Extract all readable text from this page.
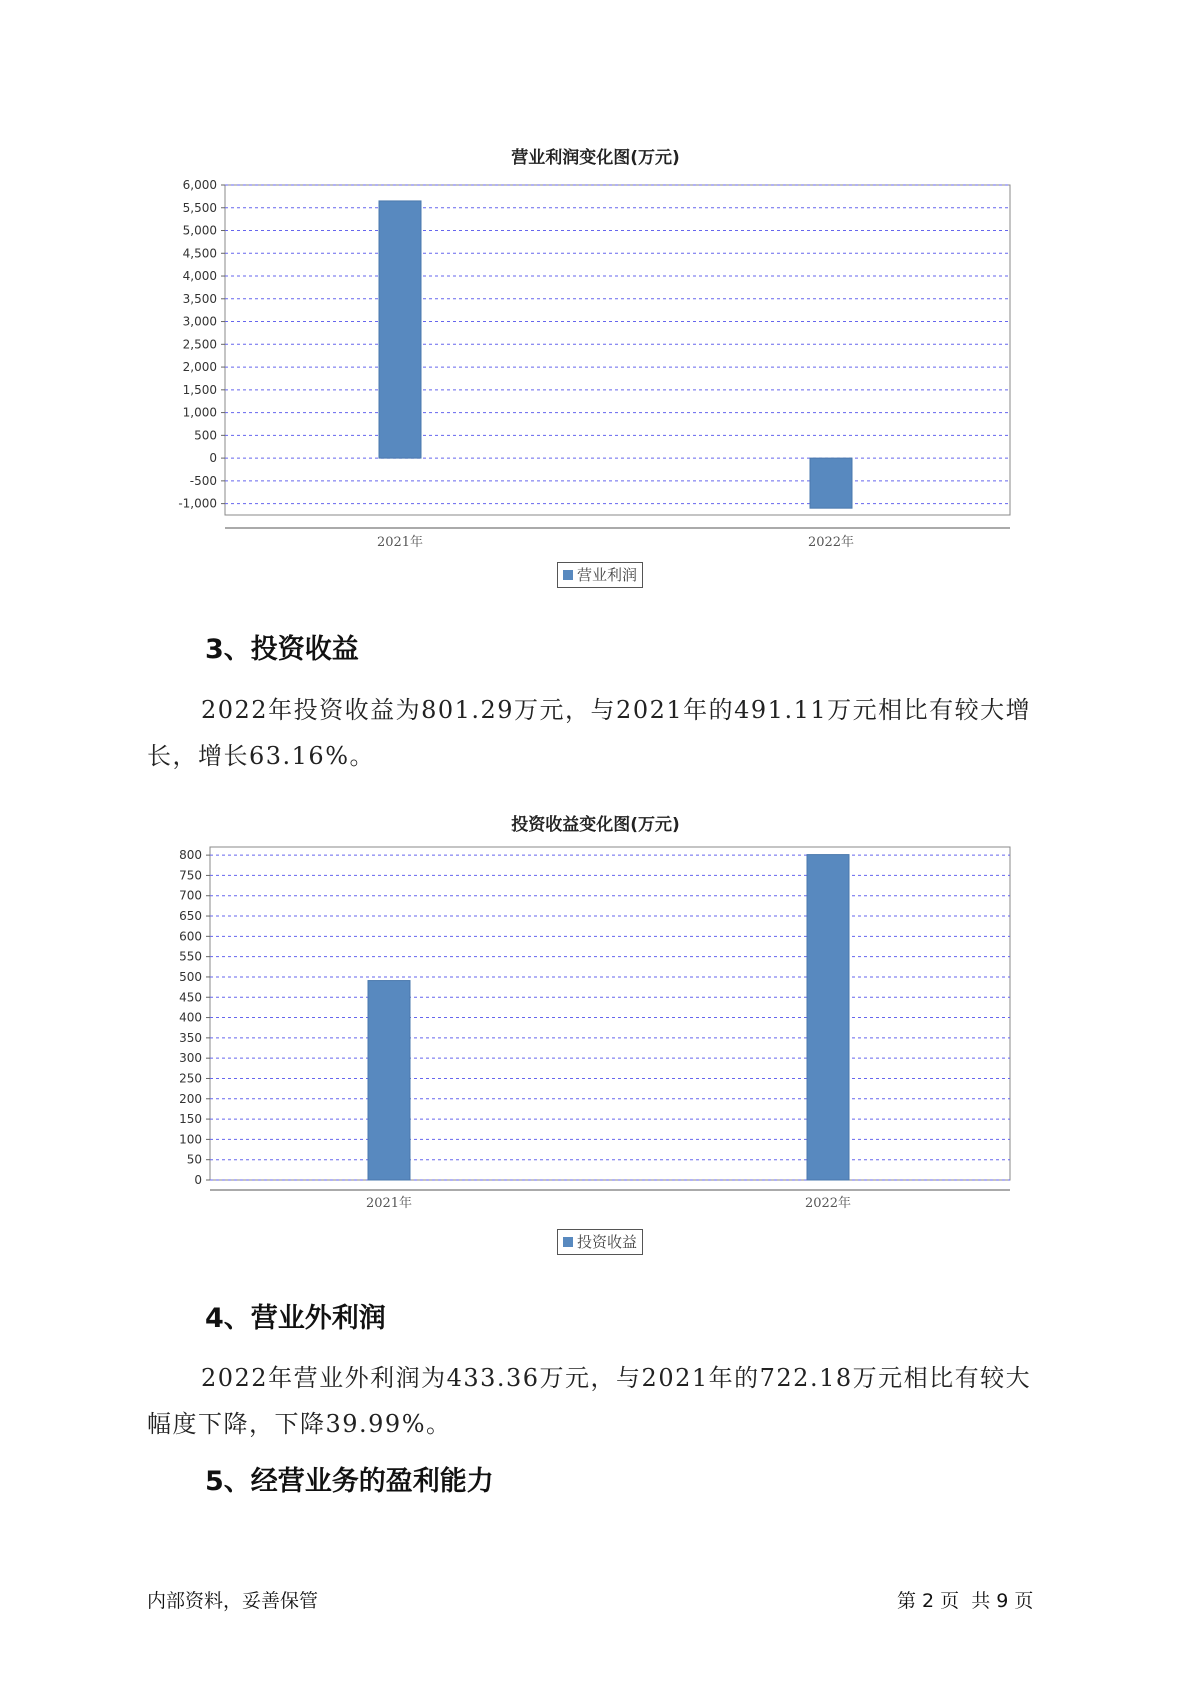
营业利润变化图(万元)
6,000
5,500
5,000
4,500
4,000
3,500
3,000
2,500
2,000
1,500
1,000
500
0
-500
-1,000
2021年	2022年
营业利润
3、投资收益
2022年投资收益为801.29万元，与2021年的491.11万元相比有较大增长，增长63.16%。
投资收益变化图(万元)
800
750
700
650
600
550
500
450
400
350
300
250
200
150
100
50
0
2021年	2022年
投资收益
4、营业外利润
2022年营业外利润为433.36万元，与2021年的722.18万元相比有较大幅度下降，下降39.99%。
5、经营业务的盈利能力
内部资料，妥善保管	第 2 页  共 9 页
